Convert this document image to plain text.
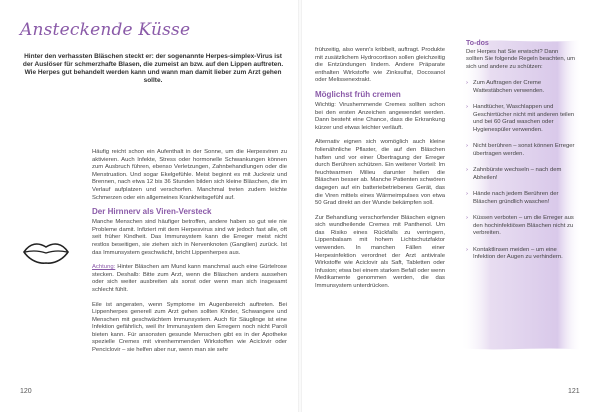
Ansteckende Küsse

Hinter den verhassten Bläschen steckt er: der sogenannte Herpes-simplex-Virus ist der Auslöser für schmerzhafte Blasen, die zumeist an bzw. auf den Lippen auftreten. Wie Herpes gut behandelt werden kann und wann man damit lieber zum Arzt gehen sollte.

Häufig reicht schon ein Aufenthalt in der Sonne, um die Herpesviren zu aktivieren. Auch Infekte, Stress oder hormonelle Schwankungen können zum Ausbruch führen, ebenso Verletzungen, Zahnbehandlungen oder die Menstruation. Und sogar Ekelgefühle. Meist beginnt es mit Juckreiz und Brennen, nach etwa 12 bis 36 Stunden bilden sich kleine Bläschen, die im Verlauf aufplatzen und verschorfen. Manchmal treten zudem leichte Schmerzen oder ein allgemeines Krankheitsgefühl auf.

Der Hirnnerv als Viren-Versteck

Manche Menschen sind häufiger betroffen, andere haben so gut wie nie Probleme damit. Infiziert mit dem Herpesvirus sind wir jedoch fast alle, oft seit früher Kindheit. Das Immunsystem kann die Erreger meist nicht restlos beseitigen, sie ziehen sich in Nervenknoten (Ganglien) zurück. Ist das Immunsystem geschwächt, bricht Lippenherpes aus.

Achtung: Hinter Bläschen am Mund kann manchmal auch eine Gürtelrose stecken. Deshalb: Bitte zum Arzt, wenn die Bläschen anders aussehen oder sich weiter ausbreiten als sonst oder wenn man sich insgesamt schlecht fühlt.

Eile ist angeraten, wenn Symptome im Augenbereich auftreten. Bei Lippenherpes generell zum Arzt gehen sollten Kinder, Schwangere und Menschen mit geschwächtem Immunsystem. Auch für Säuglinge ist eine Infektion gefährlich, weil ihr Immunsystem den Erregern noch nicht Paroli bieten kann. Für ansonsten gesunde Menschen gibt es in der Apotheke spezielle Cremes mit virenhemmenden Wirkstoffen wie Aciclovir oder Penciclovir – sie helfen aber nur, wenn man sie sehr

120	121

frühzeitig, also wenn's kribbelt, auftragt. Produkte mit zusätzlichem Hydrocortison sollen gleichzeitig die Entzündungen lindern. Andere Präparate enthalten Wirkstoffe wie Zinksulfat, Docosanol oder Melissenextrakt.

Möglichst früh cremen

Wichtig: Virushemmende Cremes sollten schon bei den ersten Anzeichen angewendet werden. Dann besteht eine Chance, dass die Erkrankung kürzer und etwas leichter verläuft.

Alternativ eignen sich womöglich auch kleine folienähnliche Pflaster, die auf den Bläschen haften und vor einer Übertragung der Erreger durch Berühren schützen. Ein weiterer Vorteil: Im feuchtwarmen Milieu darunter heilen die Bläschen besser ab. Manche Patienten schwören dagegen auf ein batteriebetriebenes Gerät, das die Viren mittels eines Wärmeimpulses von etwa 50 Grad direkt an der Wunde bekämpfen soll.

Zur Behandlung verschorfender Bläschen eignen sich wundheilende Cremes mit Panthenol. Um das Risiko eines Rückfalls zu verringern, Lippenbalsam mit hohem Lichtschutzfaktor verwenden. In manchen Fällen einer Herpesinfektion verordnet der Arzt antivirale Wirkstoffe wie Aciclovir als Saft, Tabletten oder Infusion; etwa bei einem starken Befall oder wenn Medikamente genommen werden, die das Immunsystem unterdrücken.

To-dos

Der Herpes hat Sie erwischt? Dann sollten Sie folgende Regeln beachten, um sich und andere zu schützen:

› Zum Auftragen der Creme Wattestäbchen verwenden.
› Handtücher, Waschlappen und Geschirrtücher nicht mit anderen teilen und bei 60 Grad waschen oder Hygienespüler verwenden.
› Nicht berühren – sonst können Erreger übertragen werden.
› Zahnbürste wechseln – nach dem Abheilen!
› Hände nach jedem Berühren der Bläschen gründlich waschen!
› Küssen verboten – um die Erreger aus den hochinfektiösen Bläschen nicht zu verbreiten.
› Kontaktlinsen meiden – um eine Infektion der Augen zu verhindern.
